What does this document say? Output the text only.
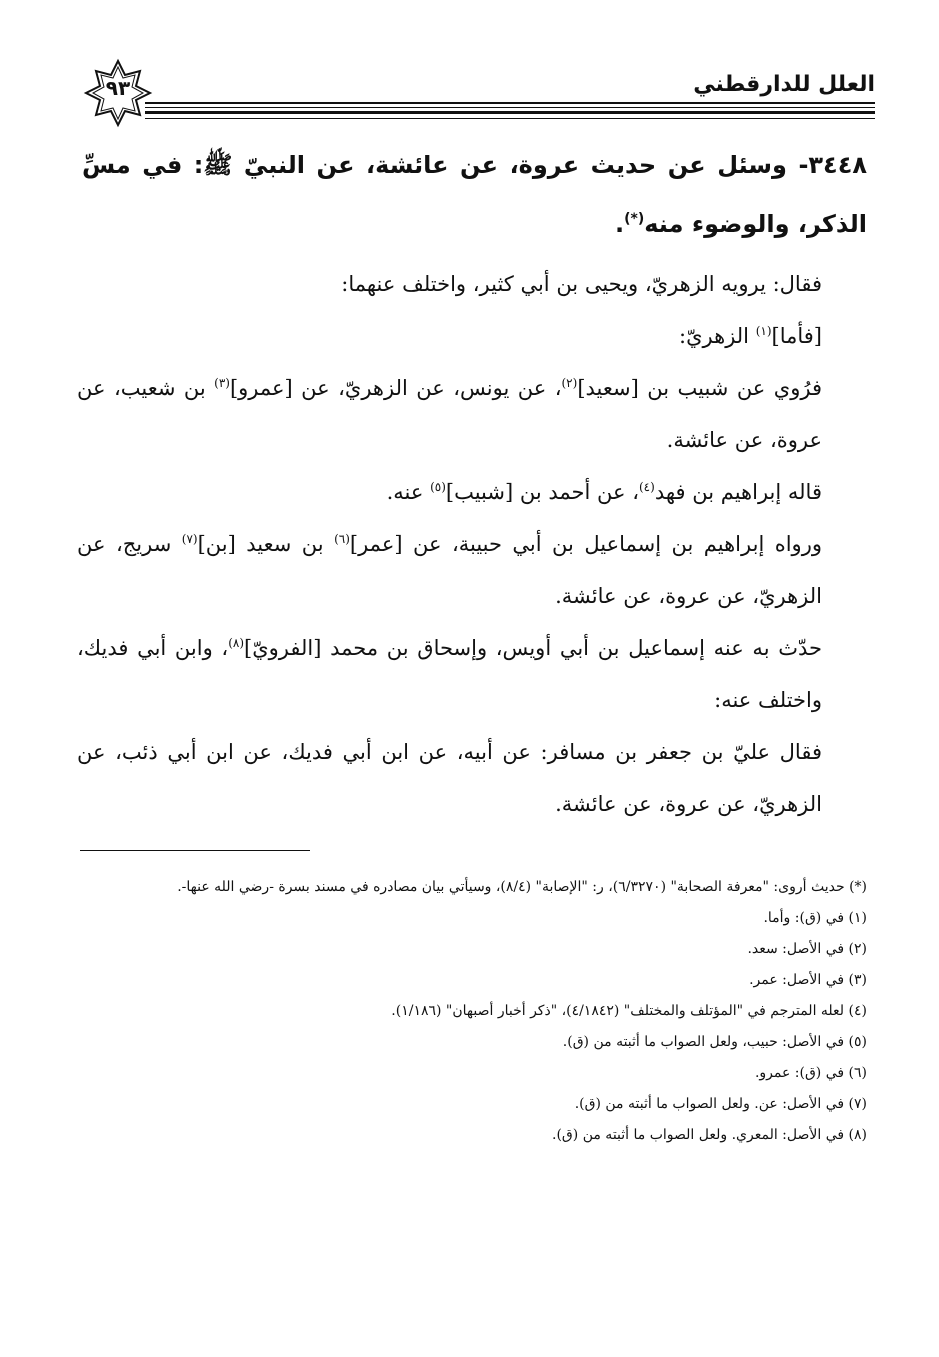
العلل للدارقطني
٩٣
٣٤٤٨- وسئل عن حديث عروة، عن عائشة، عن النبيّ ﷺ: في مسِّ الذكر، والوضوء منه(*).

فقال: يرويه الزهريّ، ويحيى بن أبي كثير، واختلف عنهما:

[فأما]$^{(١)}$ الزهريّ:

فرُوي عن شبيب بن [سعيد]$^{(٢)}$، عن يونس، عن الزهريّ، عن [عمرو]$^{(٣)}$ بن شعيب، عن عروة، عن عائشة.

قاله إبراهيم بن فهد$^{(٤)}$، عن أحمد بن [شبيب]$^{(٥)}$ عنه.

ورواه إبراهيم بن إسماعيل بن أبي حبيبة، عن [عمر]$^{(٦)}$ بن سعيد [بن]$^{(٧)}$ سريج، عن الزهريّ، عن عروة، عن عائشة.

حدّث به عنه إسماعيل بن أبي أويس، وإسحاق بن محمد [الفرويّ]$^{(٨)}$، وابن أبي فديك، واختلف عنه:

فقال عليّ بن جعفر بن مسافر: عن أبيه، عن ابن أبي فديك، عن ابن أبي ذئب، عن الزهريّ، عن عروة، عن عائشة.

(*) حديث أروى: "معرفة الصحابة" (٦/٣٢٧٠)، ر: "الإصابة" (٨/٤)، وسيأتي بيان مصادره في مسند بسرة -رضي الله عنها-.

(١) في (ق): وأما.

(٢) في الأصل: سعد.

(٣) في الأصل: عمر.

(٤) لعله المترجم في "المؤتلف والمختلف" (٤/١٨٤٢)، "ذكر أخبار أصبهان" (١/١٨٦).

(٥) في الأصل: حبيب، ولعل الصواب ما أثبته من (ق).

(٦) في (ق): عمرو.

(٧) في الأصل: عن. ولعل الصواب ما أثبته من (ق).

(٨) في الأصل: المعري. ولعل الصواب ما أثبته من (ق).
